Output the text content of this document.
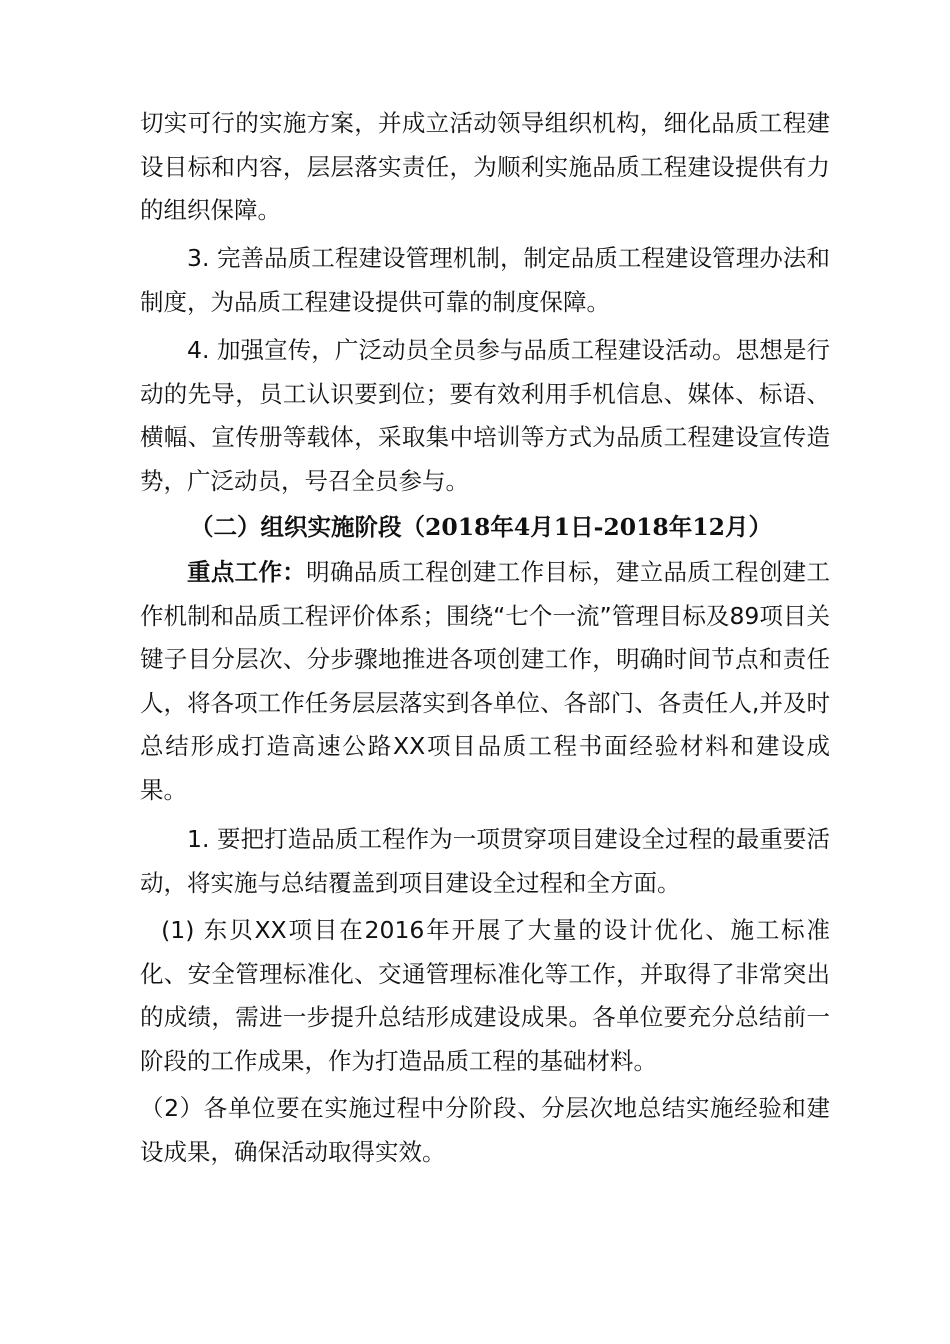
切实可行的实施方案，并成立活动领导组织机构，细化品质工程建设目标和内容，层层落实责任，为顺利实施品质工程建设提供有力的组织保障。
3. 完善品质工程建设管理机制，制定品质工程建设管理办法和制度，为品质工程建设提供可靠的制度保障。
4. 加强宣传，广泛动员全员参与品质工程建设活动。思想是行动的先导，员工认识要到位；要有效利用手机信息、媒体、标语、横幅、宣传册等载体，采取集中培训等方式为品质工程建设宣传造势，广泛动员，号召全员参与。
（二）组织实施阶段（2018年4月1日-2018年12月）
重点工作：明确品质工程创建工作目标，建立品质工程创建工作机制和品质工程评价体系；围绕“七个一流”管理目标及89项目关键子目分层次、分步骤地推进各项创建工作，明确时间节点和责任人，将各项工作任务层层落实到各单位、各部门、各责任人,并及时总结形成打造高速公路XX项目品质工程书面经验材料和建设成果。
1. 要把打造品质工程作为一项贯穿项目建设全过程的最重要活动，将实施与总结覆盖到项目建设全过程和全方面。
(1) 东贝XX项目在2016年开展了大量的设计优化、施工标准化、安全管理标准化、交通管理标准化等工作，并取得了非常突出的成绩，需进一步提升总结形成建设成果。各单位要充分总结前一阶段的工作成果，作为打造品质工程的基础材料。
（2）各单位要在实施过程中分阶段、分层次地总结实施经验和建设成果，确保活动取得实效。
